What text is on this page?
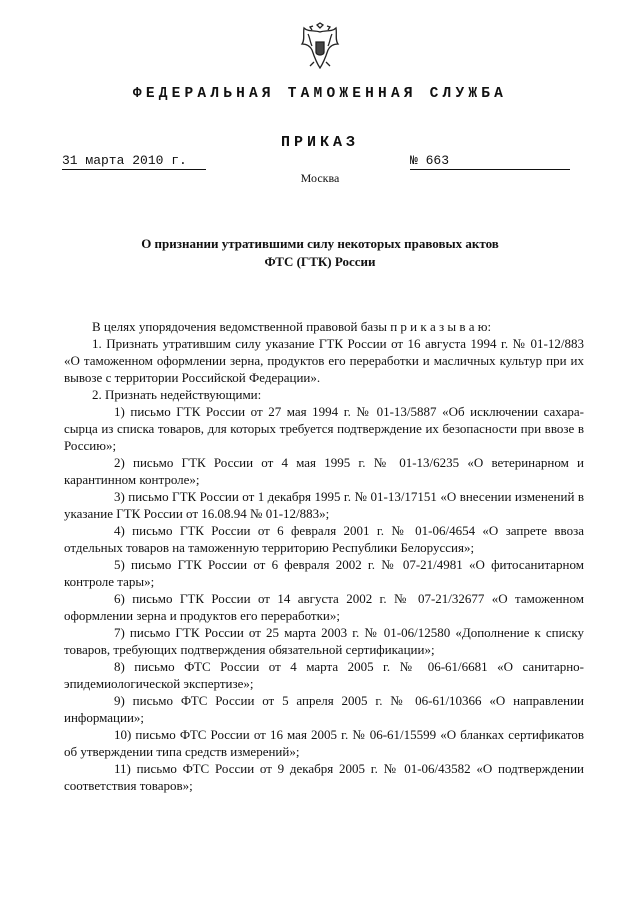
ФЕДЕРАЛЬНАЯ ТАМОЖЕННАЯ СЛУЖБА
ПРИКАЗ
31 марта 2010 г.	№ 663
Москва
О признании утратившими силу некоторых правовых актов
ФТС (ГТК) России

В целях упорядочения ведомственной правовой базы п р и к а з ы в а ю:

1. Признать утратившим силу указание ГТК России от 16 августа 1994 г. № 01-12/883 «О таможенном оформлении зерна, продуктов его переработки и масличных культур при их вывозе с территории Российской Федерации».

2. Признать недействующими:

1) письмо ГТК России от 27 мая 1994 г. № 01-13/5887 «Об исключении сахара-сырца из списка товаров, для которых требуется подтверждение их безопасности при ввозе в Россию»;

2) письмо ГТК России от 4 мая 1995 г. № 01-13/6235 «О ветеринарном и карантинном контроле»;

3) письмо ГТК России от 1 декабря 1995 г. № 01-13/17151 «О внесении изменений в указание ГТК России от 16.08.94 № 01-12/883»;

4) письмо ГТК России от 6 февраля 2001 г. № 01-06/4654 «О запрете ввоза отдельных товаров на таможенную территорию Республики Белоруссия»;

5) письмо ГТК России от 6 февраля 2002 г. № 07-21/4981 «О фитосанитарном контроле тары»;

6) письмо ГТК России от 14 августа 2002 г. № 07-21/32677 «О таможенном оформлении зерна и продуктов его переработки»;

7) письмо ГТК России от 25 марта 2003 г. № 01-06/12580 «Дополнение к списку товаров, требующих подтверждения обязательной сертификации»;

8) письмо ФТС России от 4 марта 2005 г. № 06-61/6681 «О санитарно-эпидемиологической экспертизе»;

9) письмо ФТС России от 5 апреля 2005 г. № 06-61/10366 «О направлении информации»;

10) письмо ФТС России от 16 мая 2005 г. № 06-61/15599 «О бланках сертификатов об утверждении типа средств измерений»;

11) письмо ФТС России от 9 декабря 2005 г. № 01-06/43582 «О подтверждении соответствия товаров»;
